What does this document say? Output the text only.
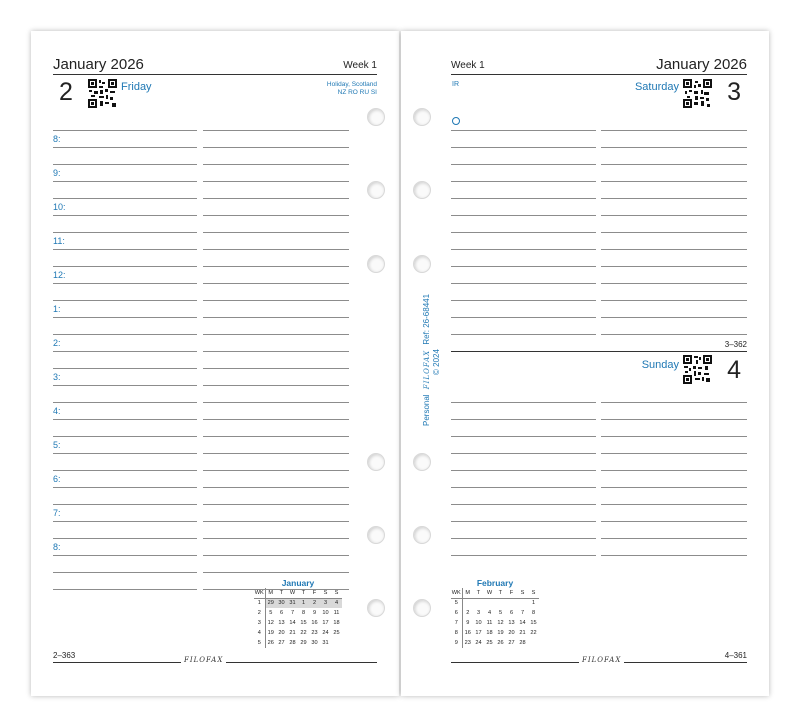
January 2026	Week 1
2	Friday	Holiday, Scotland
NZ RO RU SI
January
WK	M	T	W	T	F	S	S
1	29	30	31	1	2	3	4
2	5	6	7	8	9	10	11
3	12	13	14	15	16	17	18
4	19	20	21	22	23	24	25
5	26	27	28	29	30	31	
2–363	FILOFAX
8:
9:
10:
11:
12:
1:
2:
3:
4:
5:
6:
7:
8:
Week 1	January 2026
IR	3
Saturday
3–362
4
Sunday
February
WK	M	T	W	T	F	S	S
5							1
6	2	3	4	5	6	7	8
7	9	10	11	12	13	14	15
8	16	17	18	19	20	21	22
9	23	24	25	26	27	28	
4–361
FILOFAX
Personal FILOFAX Ref: 26-68441
© 2024
